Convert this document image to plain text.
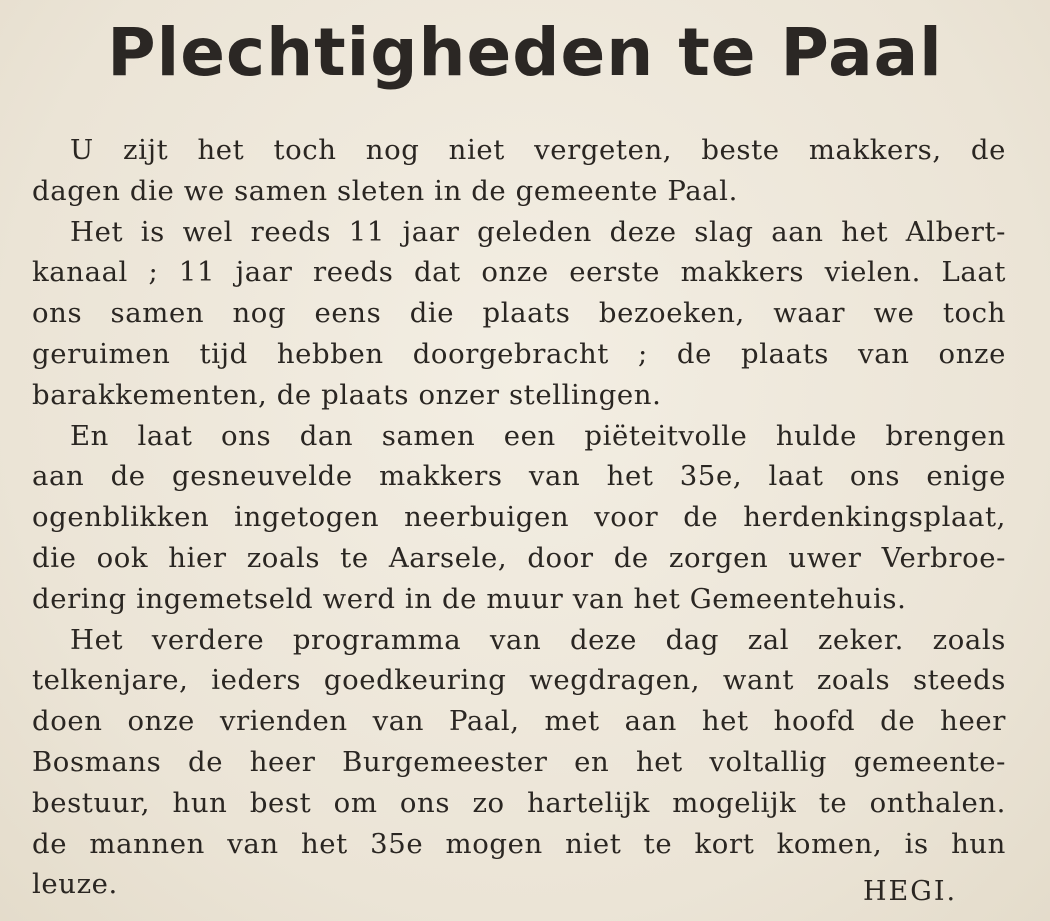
Plechtigheden te Paal
U zijt het toch nog niet vergeten, beste makkers, de
dagen die we samen sleten in de gemeente Paal.
Het is wel reeds 11 jaar geleden deze slag aan het Albert-
kanaal ; 11 jaar reeds dat onze eerste makkers vielen. Laat
ons samen nog eens die plaats bezoeken, waar we toch
geruimen tijd hebben doorgebracht ; de plaats van onze
barakkementen, de plaats onzer stellingen.
En laat ons dan samen een piëteitvolle hulde brengen
aan de gesneuvelde makkers van het 35e, laat ons enige
ogenblikken ingetogen neerbuigen voor de herdenkingsplaat,
die ook hier zoals te Aarsele, door de zorgen uwer Verbroe-
dering ingemetseld werd in de muur van het Gemeentehuis.
Het verdere programma van deze dag zal zeker. zoals
telkenjare, ieders goedkeuring wegdragen, want zoals steeds
doen onze vrienden van Paal, met aan het hoofd de heer
Bosmans de heer Burgemeester en het voltallig gemeente-
bestuur, hun best om ons zo hartelijk mogelijk te onthalen.
de mannen van het 35e mogen niet te kort komen, is hun
leuze.	HEGI.
